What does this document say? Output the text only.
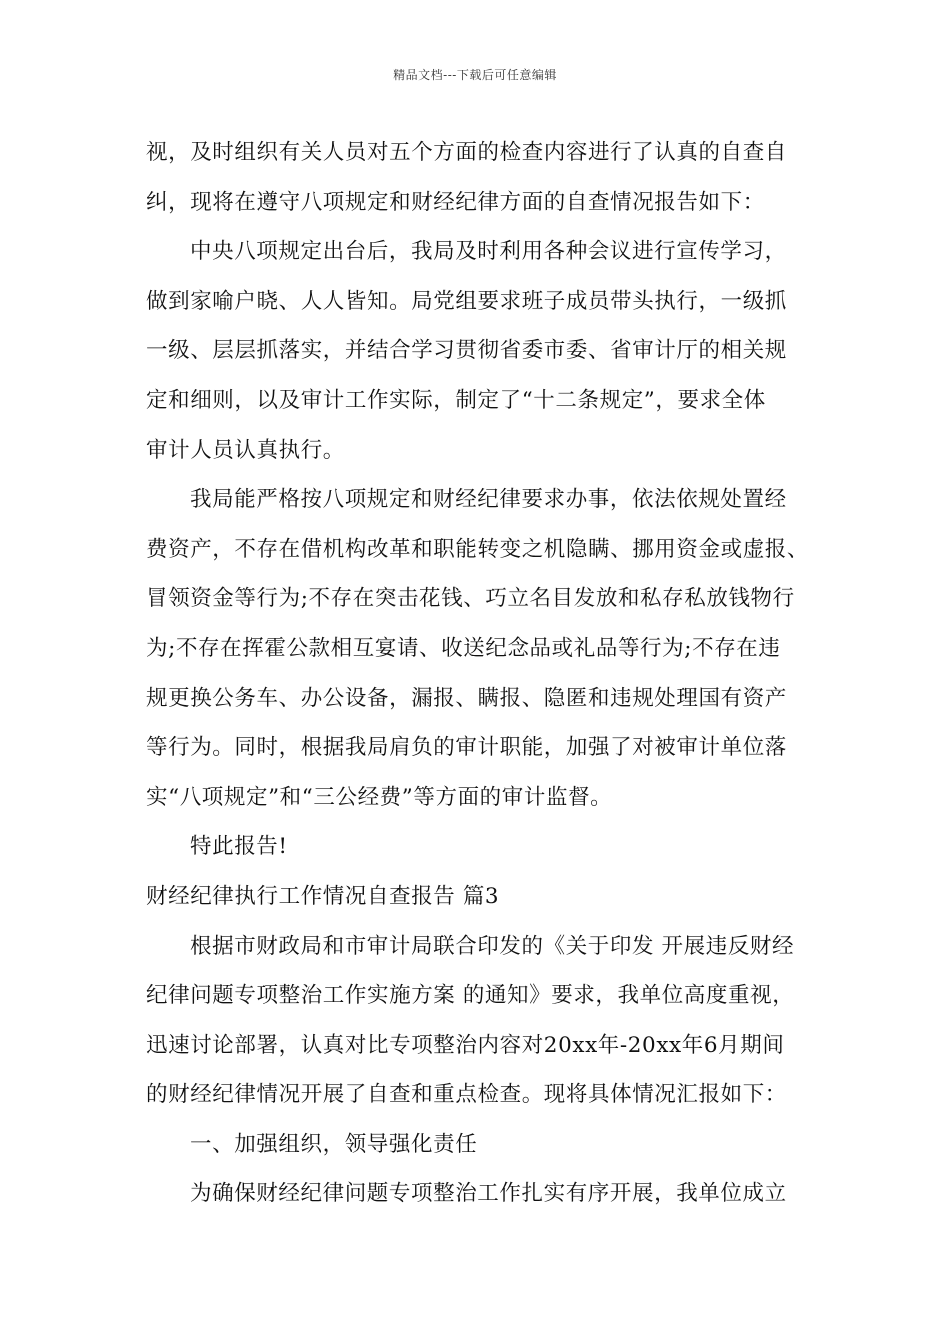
精品文档---下载后可任意编辑
视，及时组织有关人员对五个方面的检查内容进行了认真的自查自
纠，现将在遵守八项规定和财经纪律方面的自查情况报告如下：
中央八项规定出台后，我局及时利用各种会议进行宣传学习，
做到家喻户晓、人人皆知。局党组要求班子成员带头执行，一级抓
一级、层层抓落实，并结合学习贯彻省委市委、省审计厅的相关规
定和细则，以及审计工作实际，制定了“十二条规定”，要求全体
审计人员认真执行。
我局能严格按八项规定和财经纪律要求办事，依法依规处置经
费资产，不存在借机构改革和职能转变之机隐瞒、挪用资金或虚报、
冒领资金等行为;不存在突击花钱、巧立名目发放和私存私放钱物行
为;不存在挥霍公款相互宴请、收送纪念品或礼品等行为;不存在违
规更换公务车、办公设备，漏报、瞒报、隐匿和违规处理国有资产
等行为。同时，根据我局肩负的审计职能，加强了对被审计单位落
实“八项规定”和“三公经费”等方面的审计监督。
特此报告!
财经纪律执行工作情况自查报告 篇3
根据市财政局和市审计局联合印发的《关于印发 开展违反财经
纪律问题专项整治工作实施方案 的通知》要求，我单位高度重视，
迅速讨论部署，认真对比专项整治内容对20xx年-20xx年6月期间
的财经纪律情况开展了自查和重点检查。现将具体情况汇报如下：
一、加强组织，领导强化责任
为确保财经纪律问题专项整治工作扎实有序开展，我单位成立
